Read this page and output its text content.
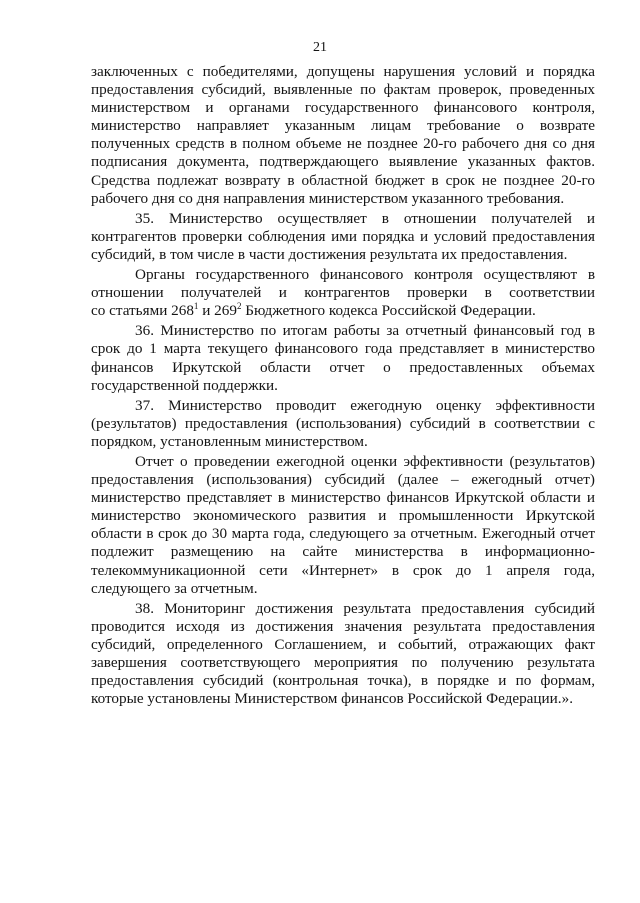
21
заключенных с победителями, допущены нарушения условий и порядка
предоставления субсидий, выявленные по фактам проверок, проведенных
министерством и органами государственного финансового контроля,
министерство направляет указанным лицам требование о возврате
полученных средств в полном объеме не позднее 20-го рабочего дня со дня
подписания документа, подтверждающего выявление указанных фактов.
Средства подлежат возврату в областной бюджет в срок не позднее 20-го
рабочего дня со дня направления министерством указанного требования.
35. Министерство осуществляет в отношении получателей и
контрагентов проверки соблюдения ими порядка и условий предоставления
субсидий, в том числе в части достижения результата их предоставления.
Органы государственного финансового контроля осуществляют в
отношении получателей и контрагентов проверки в соответствии
со статьями $268^1$ и $269^2$ Бюджетного кодекса Российской Федерации.
36. Министерство по итогам работы за отчетный финансовый год в
срок до 1 марта текущего финансового года представляет в министерство
финансов Иркутской области отчет о предоставленных объемах
государственной поддержки.
37. Министерство проводит ежегодную оценку эффективности
(результатов) предоставления (использования) субсидий в соответствии с
порядком, установленным министерством.
Отчет о проведении ежегодной оценки эффективности (результатов)
предоставления (использования) субсидий (далее – ежегодный отчет)
министерство представляет в министерство финансов Иркутской области и
министерство экономического развития и промышленности Иркутской
области в срок до 30 марта года, следующего за отчетным. Ежегодный отчет
подлежит размещению на сайте министерства в информационно-
телекоммуникационной сети «Интернет» в срок до 1 апреля года,
следующего за отчетным.
38. Мониторинг достижения результата предоставления субсидий
проводится исходя из достижения значения результата предоставления
субсидий, определенного Соглашением, и событий, отражающих факт
завершения соответствующего мероприятия по получению результата
предоставления субсидий (контрольная точка), в порядке и по формам,
которые установлены Министерством финансов Российской Федерации.».
